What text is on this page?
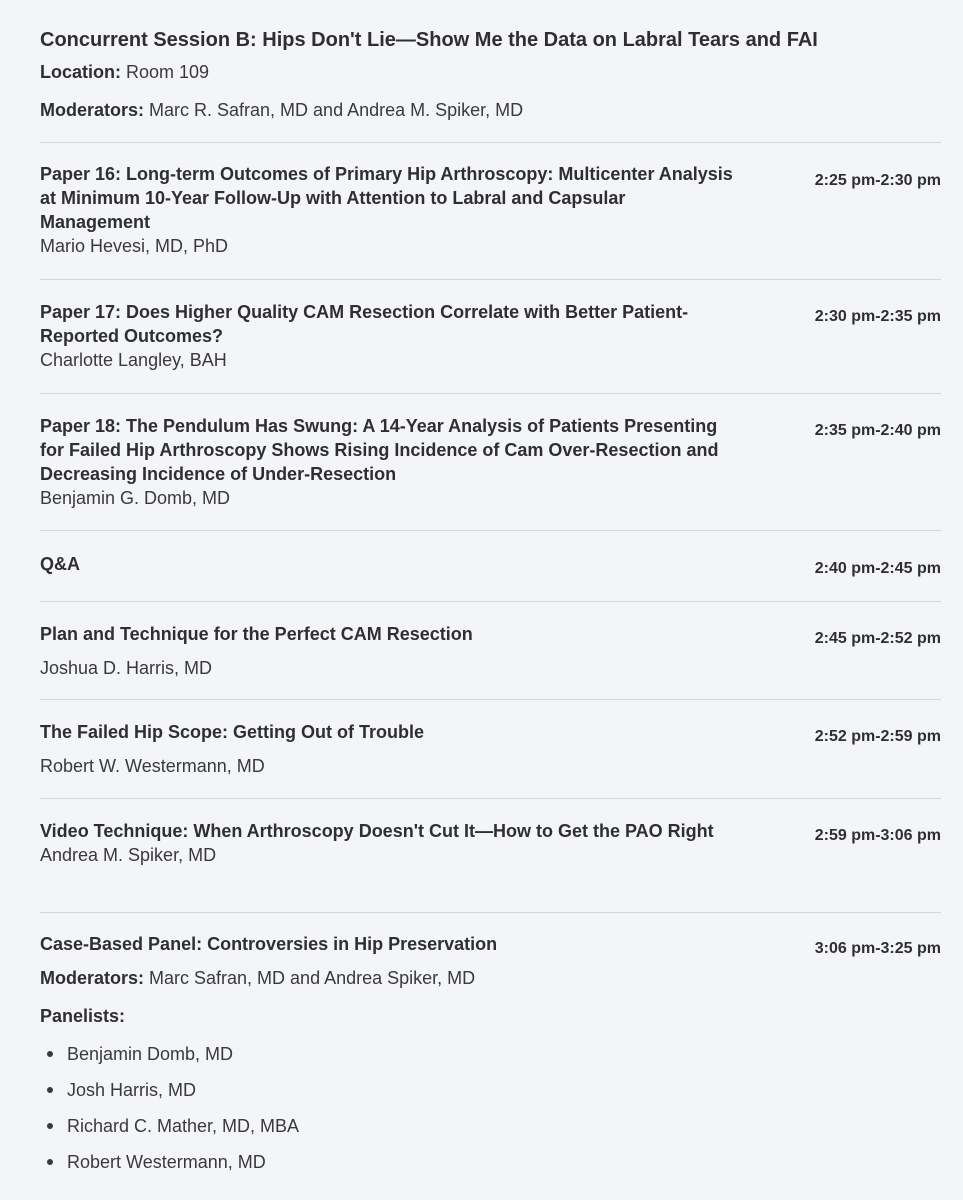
Concurrent Session B: Hips Don't Lie—Show Me the Data on Labral Tears and FAI
Location: Room 109
Moderators: Marc R. Safran, MD and Andrea M. Spiker, MD
Paper 16: Long-term Outcomes of Primary Hip Arthroscopy: Multicenter Analysis at Minimum 10-Year Follow-Up with Attention to Labral and Capsular Management
Mario Hevesi, MD, PhD
2:25 pm-2:30 pm
Paper 17: Does Higher Quality CAM Resection Correlate with Better Patient-Reported Outcomes?
Charlotte Langley, BAH
2:30 pm-2:35 pm
Paper 18: The Pendulum Has Swung: A 14-Year Analysis of Patients Presenting for Failed Hip Arthroscopy Shows Rising Incidence of Cam Over-Resection and Decreasing Incidence of Under-Resection
Benjamin G. Domb, MD
2:35 pm-2:40 pm
Q&A	2:40 pm-2:45 pm
Plan and Technique for the Perfect CAM Resection
Joshua D. Harris, MD
2:45 pm-2:52 pm
The Failed Hip Scope: Getting Out of Trouble
Robert W. Westermann, MD
2:52 pm-2:59 pm
Video Technique: When Arthroscopy Doesn't Cut It—How to Get the PAO Right
Andrea M. Spiker, MD
2:59 pm-3:06 pm
Case-Based Panel: Controversies in Hip Preservation	3:06 pm-3:25 pm
Moderators: Marc Safran, MD and Andrea Spiker, MD
Panelists:
Benjamin Domb, MD
Josh Harris, MD
Richard C. Mather, MD, MBA
Robert Westermann, MD
